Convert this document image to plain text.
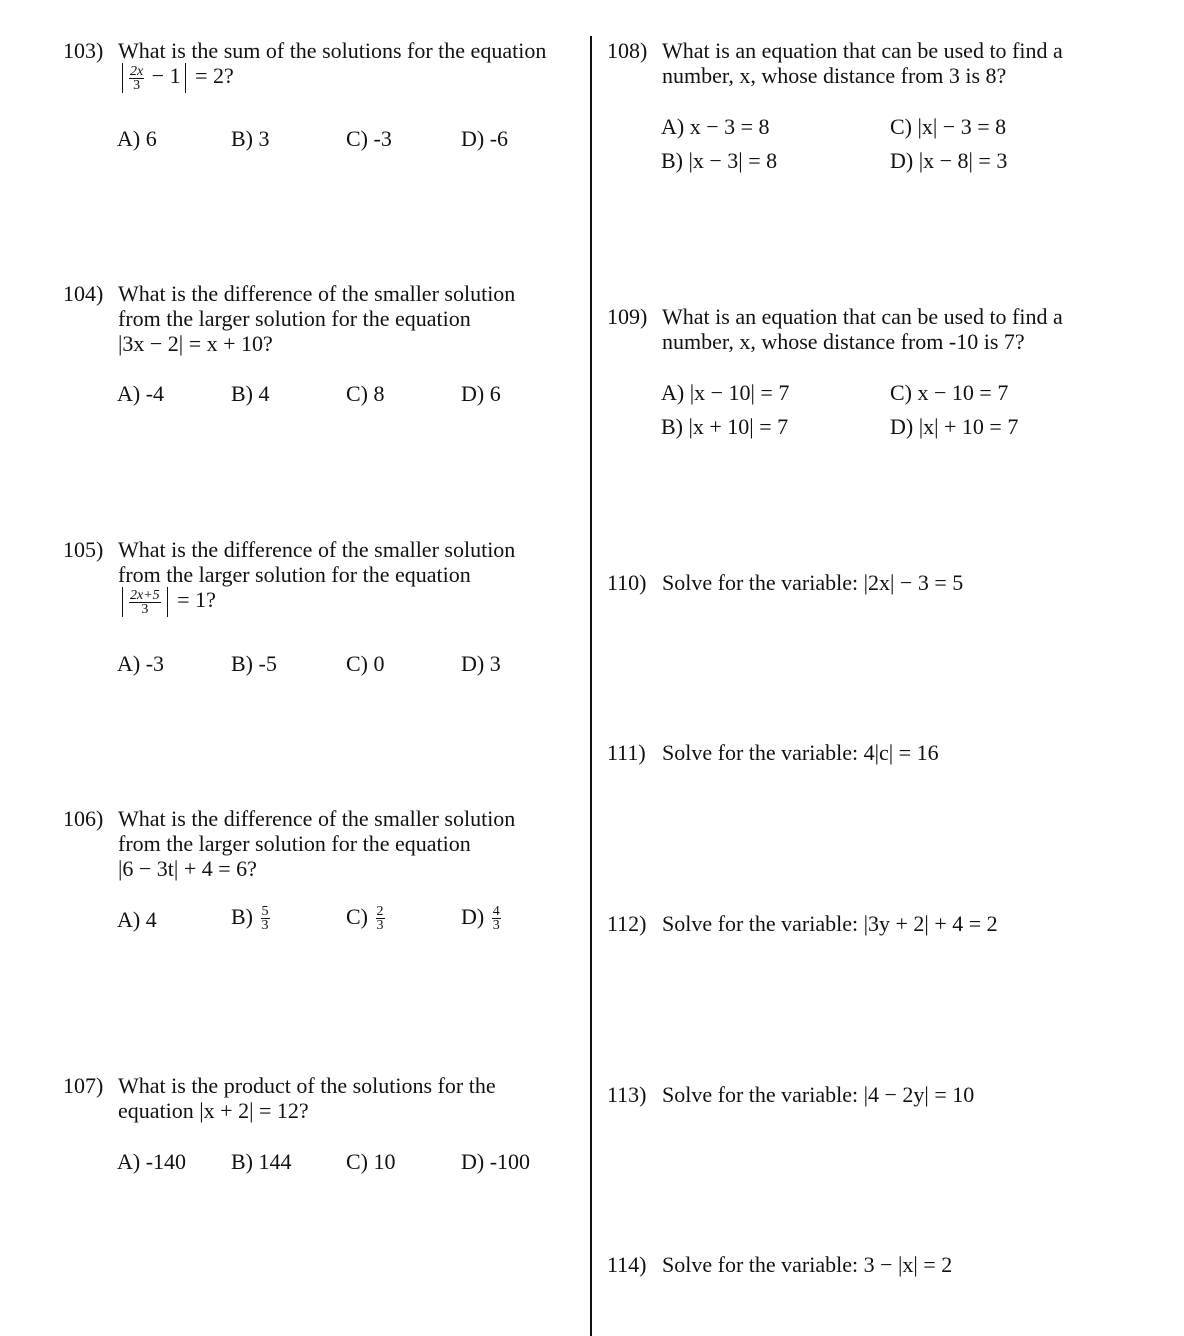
103) What is the sum of the solutions for the equation
$\frac{2x}{3} - 1 = 2$?
A) 6	B) 3	C) -3	D) -6
104) What is the difference of the smaller solution
from the larger solution for the equation
|3x − 2| = x + 10?
A) -4	B) 4	C) 8	D) 6
105) What is the difference of the smaller solution
from the larger solution for the equation
$\frac{2x+5}{3} = 1$?
A) -3	B) -5	C) 0	D) 3
106) What is the difference of the smaller solution
from the larger solution for the equation
|6 − 3t| + 4 = 6?
A) 4	$B) \frac{5}{3}$	$C) \frac{2}{3}$	$D) \frac{4}{3}$
107) What is the product of the solutions for the
equation |x + 2| = 12?
A) -140 B) 144 C) 10	D) -100
108) What is an equation that can be used to find a
number, x, whose distance from 3 is 8?
A) x − 3 = 8	C) |x| − 3 = 8
B) |x − 3| = 8	D) |x − 8| = 3
109) What is an equation that can be used to find a
number, x, whose distance from -10 is 7?
A) |x − 10| = 7	C) x − 10 = 7
B) |x + 10| = 7	D) |x| + 10 = 7
110) Solve for the variable: |2x| − 3 = 5
111) Solve for the variable: 4|c| = 16
112) Solve for the variable: |3y + 2| + 4 = 2
113) Solve for the variable: |4 − 2y| = 10
114) Solve for the variable: 3 − |x| = 2
